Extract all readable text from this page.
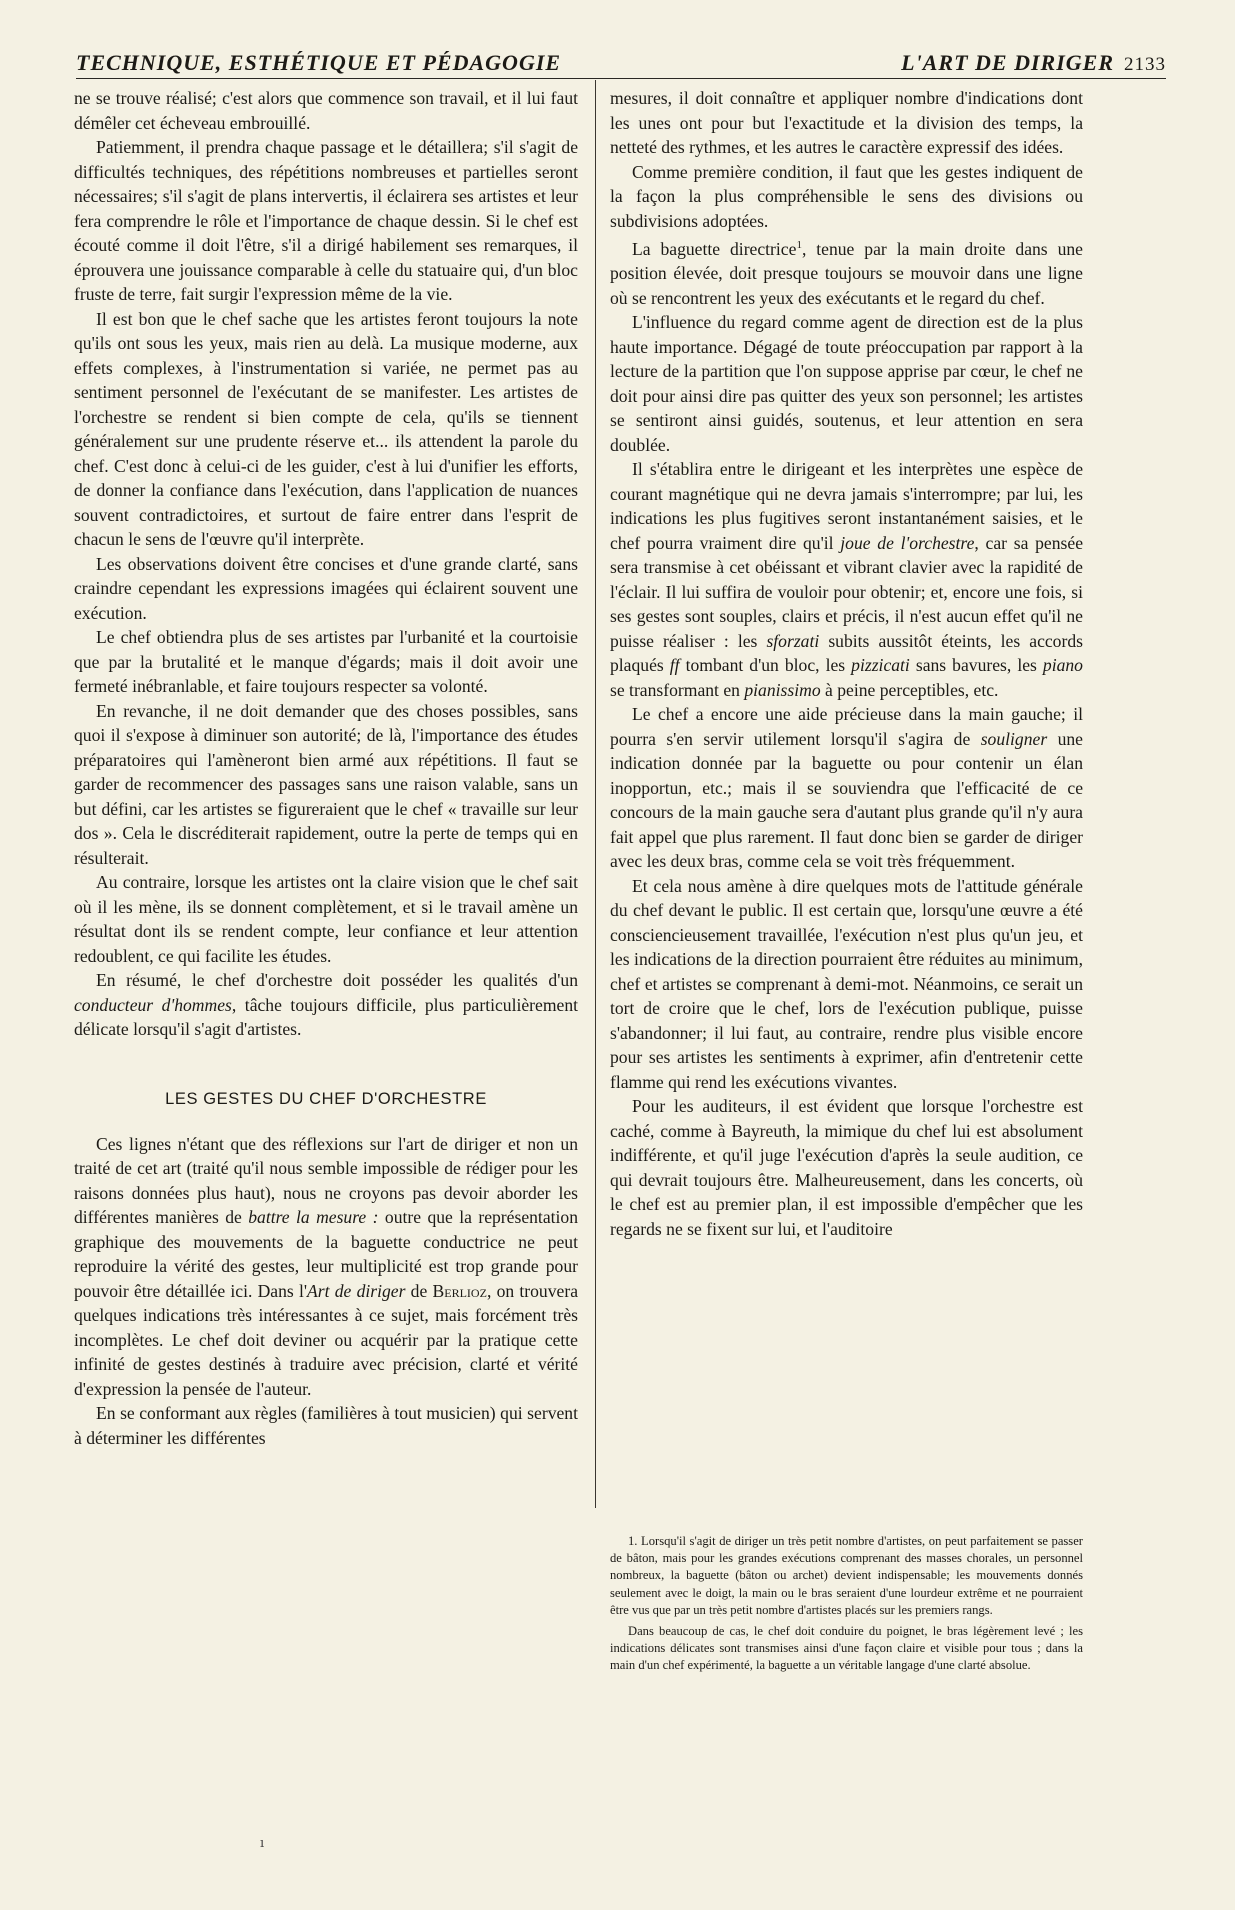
TECHNIQUE, ESTHÉTIQUE ET PÉDAGOGIE	L'ART DE DIRIGER 2133

ne se trouve réalisé; c'est alors que commence son travail, et il lui faut démêler cet écheveau embrouillé.

Patiemment, il prendra chaque passage et le détaillera; s'il s'agit de difficultés techniques, des répétitions nombreuses et partielles seront nécessaires; s'il s'agit de plans intervertis, il éclairera ses artistes et leur fera comprendre le rôle et l'importance de chaque dessin. Si le chef est écouté comme il doit l'être, s'il a dirigé habilement ses remarques, il éprouvera une jouissance comparable à celle du statuaire qui, d'un bloc fruste de terre, fait surgir l'expression même de la vie.

Il est bon que le chef sache que les artistes feront toujours la note qu'ils ont sous les yeux, mais rien au delà. La musique moderne, aux effets complexes, à l'instrumentation si variée, ne permet pas au sentiment personnel de l'exécutant de se manifester. Les artistes de l'orchestre se rendent si bien compte de cela, qu'ils se tiennent généralement sur une prudente réserve et... ils attendent la parole du chef. C'est donc à celui-ci de les guider, c'est à lui d'unifier les efforts, de donner la confiance dans l'exécution, dans l'application de nuances souvent contradictoires, et surtout de faire entrer dans l'esprit de chacun le sens de l'œuvre qu'il interprète.

Les observations doivent être concises et d'une grande clarté, sans craindre cependant les expressions imagées qui éclairent souvent une exécution.

Le chef obtiendra plus de ses artistes par l'urbanité et la courtoisie que par la brutalité et le manque d'égards; mais il doit avoir une fermeté inébranlable, et faire toujours respecter sa volonté.

En revanche, il ne doit demander que des choses possibles, sans quoi il s'expose à diminuer son autorité; de là, l'importance des études préparatoires qui l'amèneront bien armé aux répétitions. Il faut se garder de recommencer des passages sans une raison valable, sans un but défini, car les artistes se figureraient que le chef « travaille sur leur dos ». Cela le discréditerait rapidement, outre la perte de temps qui en résulterait.

Au contraire, lorsque les artistes ont la claire vision que le chef sait où il les mène, ils se donnent complètement, et si le travail amène un résultat dont ils se rendent compte, leur confiance et leur attention redoublent, ce qui facilite les études.

En résumé, le chef d'orchestre doit posséder les qualités d'un conducteur d'hommes, tâche toujours difficile, plus particulièrement délicate lorsqu'il s'agit d'artistes.

LES GESTES DU CHEF D'ORCHESTRE

Ces lignes n'étant que des réflexions sur l'art de diriger et non un traité de cet art (traité qu'il nous semble impossible de rédiger pour les raisons données plus haut), nous ne croyons pas devoir aborder les différentes manières de battre la mesure : outre que la représentation graphique des mouvements de la baguette conductrice ne peut reproduire la vérité des gestes, leur multiplicité est trop grande pour pouvoir être détaillée ici. Dans l'Art de diriger de Berlioz, on trouvera quelques indications très intéressantes à ce sujet, mais forcément très incomplètes. Le chef doit deviner ou acquérir par la pratique cette infinité de gestes destinés à traduire avec précision, clarté et vérité d'expression la pensée de l'auteur.

En se conformant aux règles (familières à tout musicien) qui servent à déterminer les différentes

mesures, il doit connaître et appliquer nombre d'indications dont les unes ont pour but l'exactitude et la division des temps, la netteté des rythmes, et les autres le caractère expressif des idées.

Comme première condition, il faut que les gestes indiquent de la façon la plus compréhensible le sens des divisions ou subdivisions adoptées.

La baguette directrice$^1$, tenue par la main droite dans une position élevée, doit presque toujours se mouvoir dans une ligne où se rencontrent les yeux des exécutants et le regard du chef.

L'influence du regard comme agent de direction est de la plus haute importance. Dégagé de toute préoccupation par rapport à la lecture de la partition que l'on suppose apprise par cœur, le chef ne doit pour ainsi dire pas quitter des yeux son personnel; les artistes se sentiront ainsi guidés, soutenus, et leur attention en sera doublée.

Il s'établira entre le dirigeant et les interprètes une espèce de courant magnétique qui ne devra jamais s'interrompre; par lui, les indications les plus fugitives seront instantanément saisies, et le chef pourra vraiment dire qu'il joue de l'orchestre, car sa pensée sera transmise à cet obéissant et vibrant clavier avec la rapidité de l'éclair. Il lui suffira de vouloir pour obtenir; et, encore une fois, si ses gestes sont souples, clairs et précis, il n'est aucun effet qu'il ne puisse réaliser : les sforzati subits aussitôt éteints, les accords plaqués ff tombant d'un bloc, les pizzicati sans bavures, les piano se transformant en pianissimo à peine perceptibles, etc.

Le chef a encore une aide précieuse dans la main gauche; il pourra s'en servir utilement lorsqu'il s'agira de souligner une indication donnée par la baguette ou pour contenir un élan inopportun, etc.; mais il se souviendra que l'efficacité de ce concours de la main gauche sera d'autant plus grande qu'il n'y aura fait appel que plus rarement. Il faut donc bien se garder de diriger avec les deux bras, comme cela se voit très fréquemment.

Et cela nous amène à dire quelques mots de l'attitude générale du chef devant le public. Il est certain que, lorsqu'une œuvre a été consciencieusement travaillée, l'exécution n'est plus qu'un jeu, et les indications de la direction pourraient être réduites au minimum, chef et artistes se comprenant à demi-mot. Néanmoins, ce serait un tort de croire que le chef, lors de l'exécution publique, puisse s'abandonner; il lui faut, au contraire, rendre plus visible encore pour ses artistes les sentiments à exprimer, afin d'entretenir cette flamme qui rend les exécutions vivantes.

Pour les auditeurs, il est évident que lorsque l'orchestre est caché, comme à Bayreuth, la mimique du chef lui est absolument indifférente, et qu'il juge l'exécution d'après la seule audition, ce qui devrait toujours être. Malheureusement, dans les concerts, où le chef est au premier plan, il est impossible d'empêcher que les regards ne se fixent sur lui, et l'auditoire

1. Lorsqu'il s'agit de diriger un très petit nombre d'artistes, on peut parfaitement se passer de bâton, mais pour les grandes exécutions comprenant des masses chorales, un personnel nombreux, la baguette (bâton ou archet) devient indispensable; les mouvements donnés seulement avec le doigt, la main ou le bras seraient d'une lourdeur extrême et ne pourraient être vus que par un très petit nombre d'artistes placés sur les premiers rangs.

Dans beaucoup de cas, le chef doit conduire du poignet, le bras légèrement levé ; les indications délicates sont transmises ainsi d'une façon claire et visible pour tous ; dans la main d'un chef expérimenté, la baguette a un véritable langage d'une clarté absolue.

ı
